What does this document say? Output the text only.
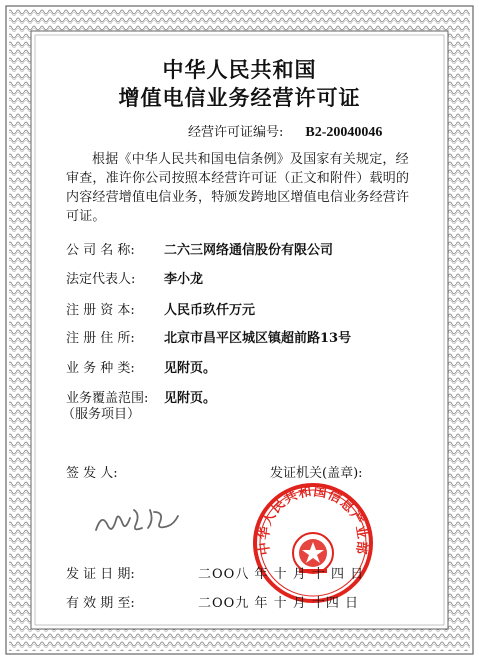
中华人民共和国
增值电信业务经营许可证
经营许可证编号: B2-20040046
根据《中华人民共和国电信条例》及国家有关规定，经审查，准许你公司按照本经营许可证（正文和附件）载明的内容经营增值电信业务，特颁发跨地区增值电信业务经营许可证。
公 司 名 称: 二六三网络通信股份有限公司
法定代表人: 李小龙
注 册 资 本: 人民币玖仟万元
注 册 住 所: 北京市昌平区城区镇超前路13号
业 务 种 类: 见附页。
业务覆盖范围: 见附页。
（服务项目）
签 发 人:	发证机关(盖章):
中华人民共和国信息产业部
发 证 日 期:	二OO八 年 十 月 十 四 日
有 效 期 至:	二OO九 年 十 月 十四 日
